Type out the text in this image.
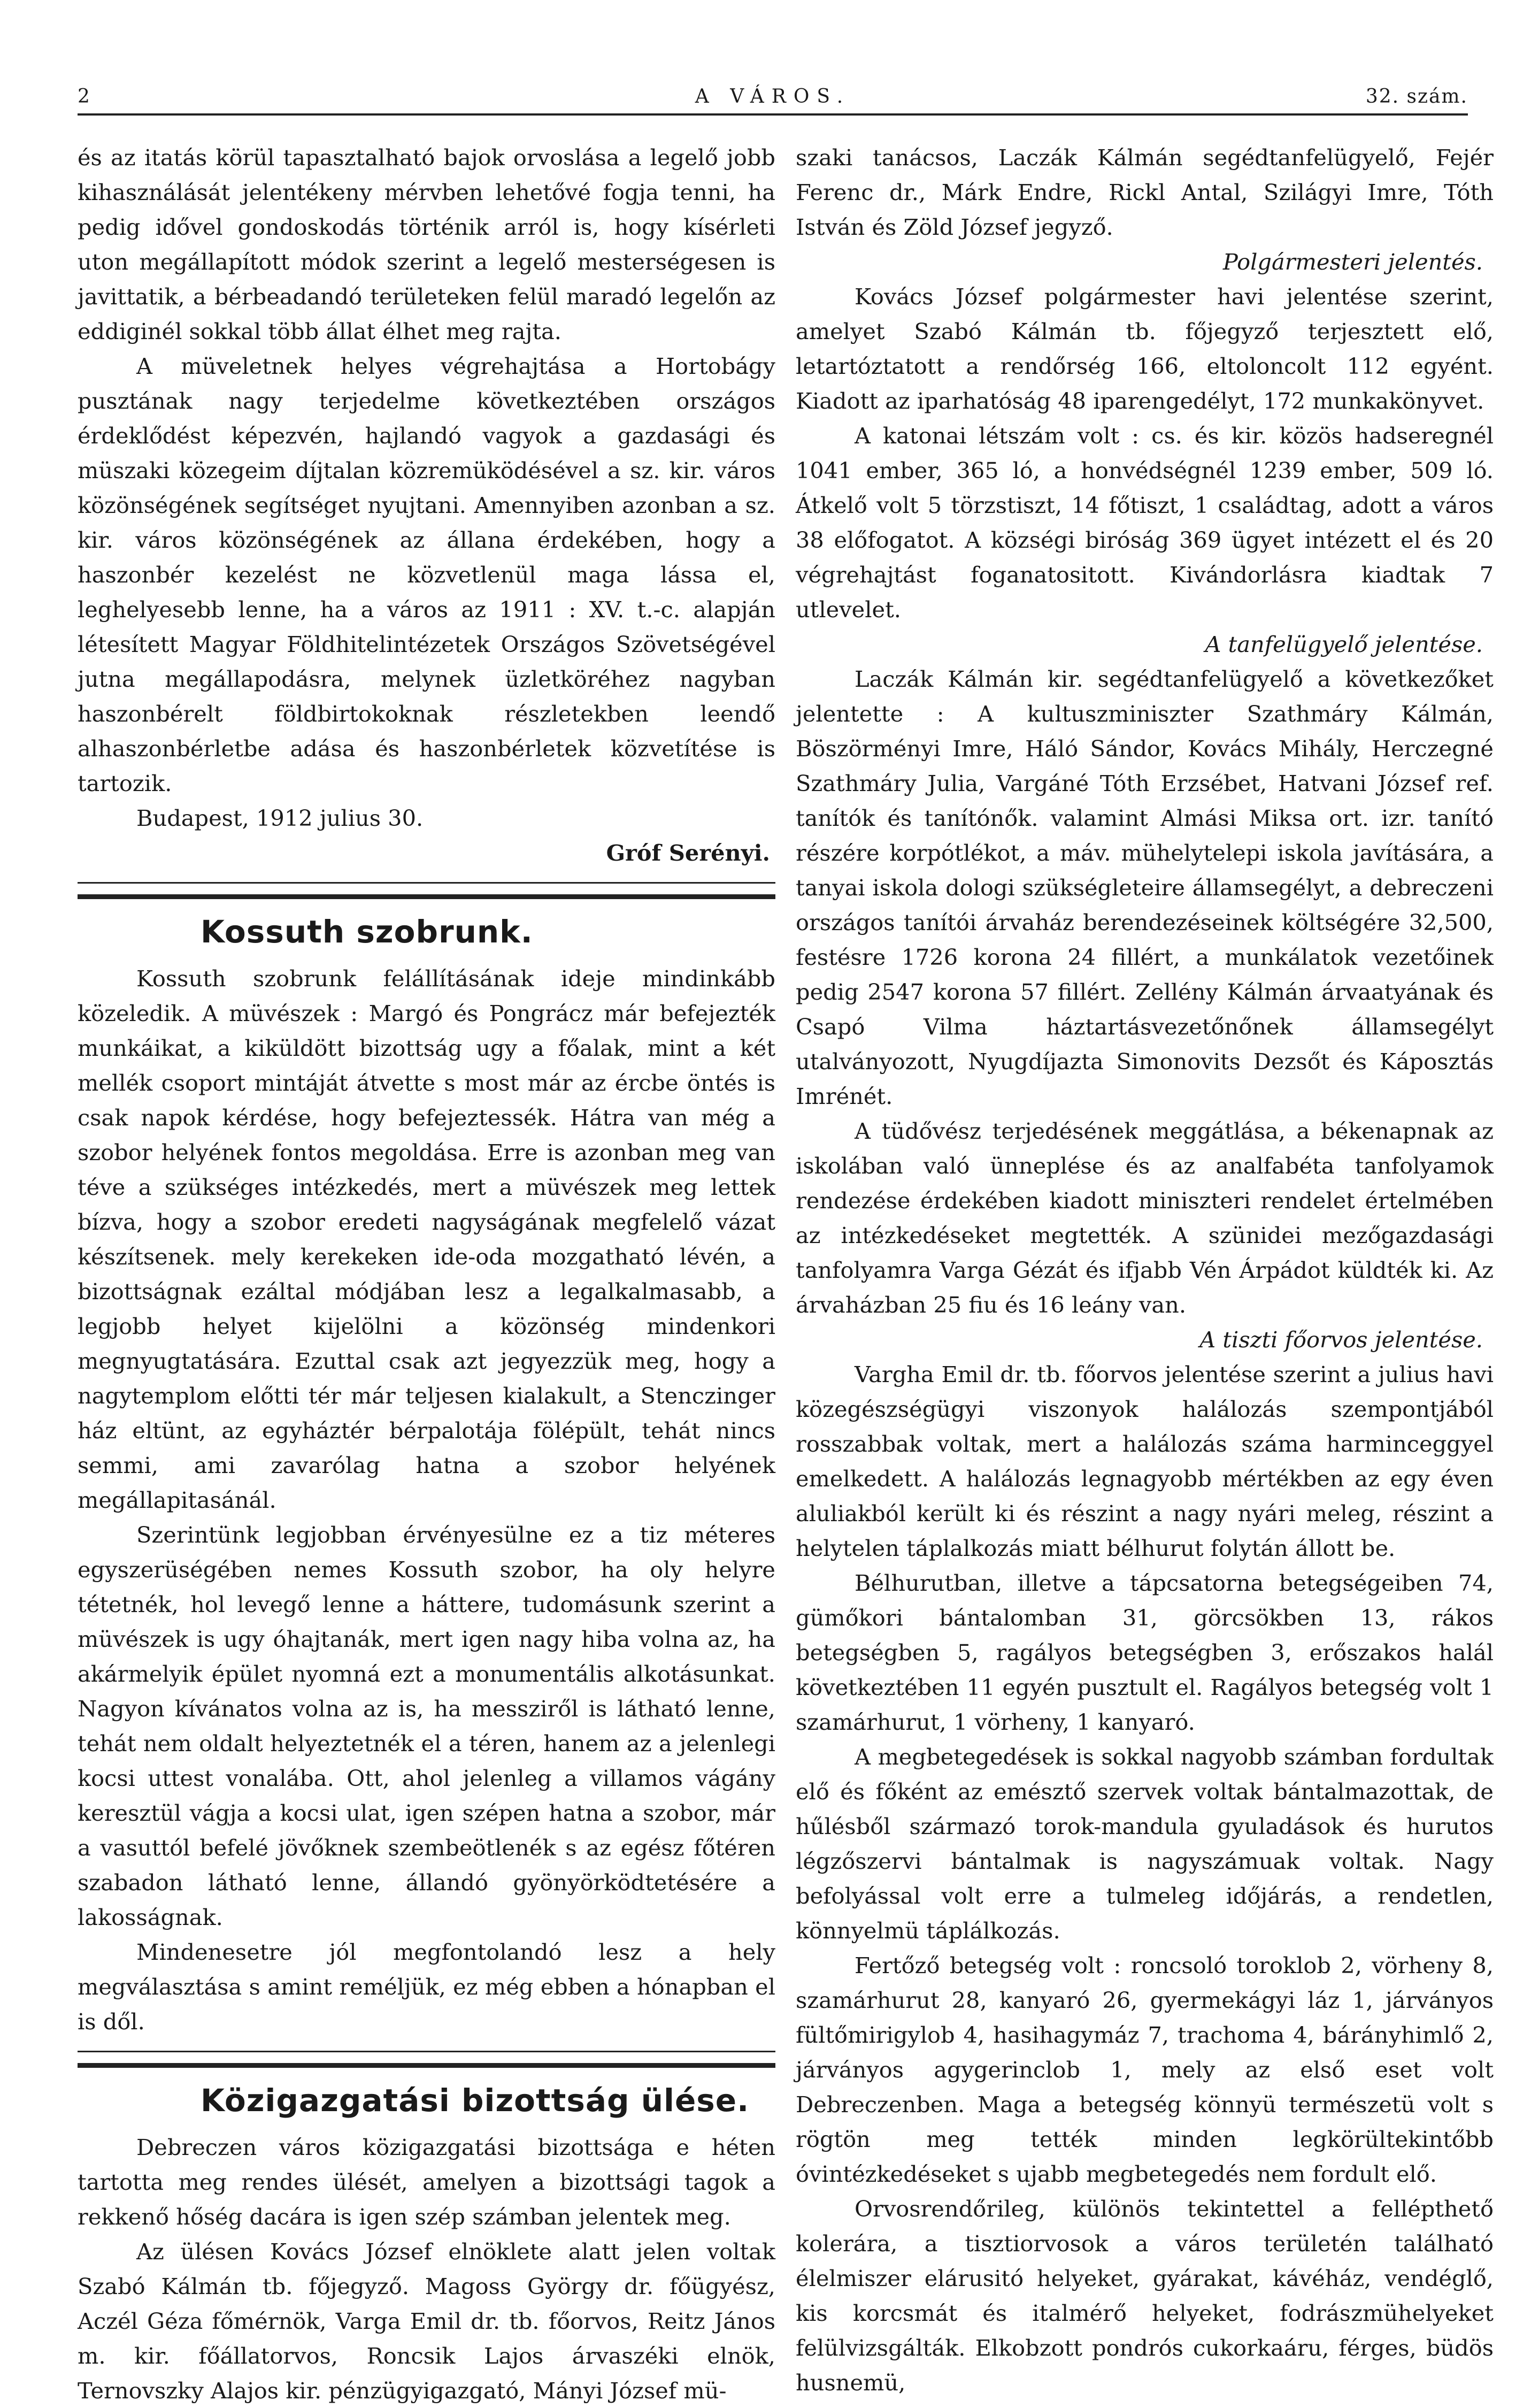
2	A VÁROS.	32. szám.

és az itatás körül tapasztalható bajok orvoslása a legelő jobb kihasználását jelentékeny mérvben lehetővé fogja tenni, ha pedig idővel gondoskodás történik arról is, hogy kísérleti uton megállapított módok szerint a legelő mesterségesen is javittatik, a bérbeadandó területeken felül maradó legelőn az eddiginél sokkal több állat élhet meg rajta.

A müveletnek helyes végrehajtása a Hortobágy pusztának nagy terjedelme következtében országos érdeklődést képezvén, hajlandó vagyok a gazdasági és müszaki közegeim díjtalan közremüködésével a sz. kir. város közönségének segítséget nyujtani. Amennyiben azonban a sz. kir. város közönségének az állana érdekében, hogy a haszonbér kezelést ne közvetlenül maga lássa el, leghelyesebb lenne, ha a város az 1911 : XV. t.-c. alapján létesített Magyar Földhitelintézetek Országos Szövetségével jutna megállapodásra, melynek üzletköréhez nagyban haszonbérelt földbirtokoknak részletekben leendő alhaszonbérletbe adása és haszonbérletek közvetítése is tartozik.

Budapest, 1912 julius 30.

Gróf Serényi.

Kossuth szobrunk.

Kossuth szobrunk felállításának ideje mindinkább közeledik. A müvészek : Margó és Pongrácz már befejezték munkáikat, a kiküldött bizottság ugy a főalak, mint a két mellék csoport mintáját átvette s most már az ércbe öntés is csak napok kérdése, hogy befejeztessék. Hátra van még a szobor helyének fontos megoldása. Erre is azonban meg van téve a szükséges intézkedés, mert a müvészek meg lettek bízva, hogy a szobor eredeti nagyságának megfelelő vázat készítsenek. mely kerekeken ide-oda mozgatható lévén, a bizottságnak ezáltal módjában lesz a legalkalmasabb, a legjobb helyet kijelölni a közönség mindenkori megnyugtatására. Ezuttal csak azt jegyezzük meg, hogy a nagytemplom előtti tér már teljesen kialakult, a Stenczinger ház eltünt, az egyháztér bérpalotája fölépült, tehát nincs semmi, ami zavarólag hatna a szobor helyének megállapitasánál.

Szerintünk legjobban érvényesülne ez a tiz méteres egyszerüségében nemes Kossuth szobor, ha oly helyre tétetnék, hol levegő lenne a háttere, tudomásunk szerint a müvészek is ugy óhajtanák, mert igen nagy hiba volna az, ha akármelyik épület nyomná ezt a monumentális alkotásunkat. Nagyon kívánatos volna az is, ha messziről is látható lenne, tehát nem oldalt helyeztetnék el a téren, hanem az a jelenlegi kocsi uttest vonalába. Ott, ahol jelenleg a villamos vágány keresztül vágja a kocsi ulat, igen szépen hatna a szobor, már a vasuttól befelé jövőknek szembeötlenék s az egész főtéren szabadon látható lenne, állandó gyönyörködtetésére a lakosságnak.

Mindenesetre jól megfontolandó lesz a hely megválasztása s amint reméljük, ez még ebben a hónapban el is dől.

Közigazgatási bizottság ülése.

Debreczen város közigazgatási bizottsága e héten tartotta meg rendes ülését, amelyen a bizottsági tagok a rekkenő hőség dacára is igen szép számban jelentek meg.

Az ülésen Kovács József elnöklete alatt jelen voltak Szabó Kálmán tb. főjegyző. Magoss György dr. főügyész, Aczél Géza főmérnök, Varga Emil dr. tb. főorvos, Reitz János m. kir. főállatorvos, Roncsik Lajos árvaszéki elnök, Ternovszky Alajos kir. pénzügyigazgató, Mányi József mü-

szaki tanácsos, Laczák Kálmán segédtanfelügyelő, Fejér Ferenc dr., Márk Endre, Rickl Antal, Szilágyi Imre, Tóth István és Zöld József jegyző.

Polgármesteri jelentés.

Kovács József polgármester havi jelentése szerint, amelyet Szabó Kálmán tb. főjegyző terjesztett elő, letartóztatott a rendőrség 166, eltoloncolt 112 egyént. Kiadott az iparhatóság 48 iparengedélyt, 172 munkakönyvet.

A katonai létszám volt : cs. és kir. közös hadseregnél 1041 ember, 365 ló, a honvédségnél 1239 ember, 509 ló. Átkelő volt 5 törzstiszt, 14 főtiszt, 1 családtag, adott a város 38 előfogatot. A községi biróság 369 ügyet intézett el és 20 végrehajtást foganatositott. Kivándorlásra kiadtak 7 utlevelet.

A tanfelügyelő jelentése.

Laczák Kálmán kir. segédtanfelügyelő a következőket jelentette : A kultuszminiszter Szathmáry Kálmán, Böszörményi Imre, Háló Sándor, Kovács Mihály, Herczegné Szathmáry Julia, Vargáné Tóth Erzsébet, Hatvani József ref. tanítók és tanítónők. valamint Almási Miksa ort. izr. tanító részére korpótlékot, a máv. mühelytelepi iskola javítására, a tanyai iskola dologi szükségleteire államsegélyt, a debreczeni országos tanítói árvaház berendezéseinek költségére 32,500, festésre 1726 korona 24 fillért, a munkálatok vezetőinek pedig 2547 korona 57 fillért. Zellény Kálmán árvaatyának és Csapó Vilma háztartásvezetőnőnek államsegélyt utalványozott, Nyugdíjazta Simonovits Dezsőt és Káposztás Imrénét.

A tüdővész terjedésének meggátlása, a békenapnak az iskolában való ünneplése és az analfabéta tanfolyamok rendezése érdekében kiadott miniszteri rendelet értelmében az intézkedéseket megtették. A szünidei mezőgazdasági tanfolyamra Varga Gézát és ifjabb Vén Árpádot küldték ki. Az árvaházban 25 fiu és 16 leány van.

A tiszti főorvos jelentése.

Vargha Emil dr. tb. főorvos jelentése szerint a julius havi közegészségügyi viszonyok halálozás szempontjából rosszabbak voltak, mert a halálozás száma harminceggyel emelkedett. A halálozás legnagyobb mértékben az egy éven aluliakból került ki és részint a nagy nyári meleg, részint a helytelen táplalkozás miatt bélhurut folytán állott be.

Bélhurutban, illetve a tápcsatorna betegségeiben 74, gümőkori bántalomban 31, görcsökben 13, rákos betegségben 5, ragályos betegségben 3, erőszakos halál következtében 11 egyén pusztult el. Ragályos betegség volt 1 szamárhurut, 1 vörheny, 1 kanyaró.

A megbetegedések is sokkal nagyobb számban fordultak elő és főként az emésztő szervek voltak bántalmazottak, de hűlésből származó torok-mandula gyuladások és hurutos légzőszervi bántalmak is nagyszámuak voltak. Nagy befolyással volt erre a tulmeleg időjárás, a rendetlen, könnyelmü táplálkozás.

Fertőző betegség volt : roncsoló toroklob 2, vörheny 8, szamárhurut 28, kanyaró 26, gyermekágyi láz 1, járványos fültőmirigylob 4, hasihagymáz 7, trachoma 4, bárányhimlő 2, járványos agygerinclob 1, mely az első eset volt Debreczenben. Maga a betegség könnyü természetü volt s rögtön meg tették minden legkörültekintőbb óvintézkedéseket s ujabb megbetegedés nem fordult elő.

Orvosrendőrileg, különös tekintettel a fellépthető kolerára, a tisztiorvosok a város területén található élelmiszer elárusitó helyeket, gyárakat, kávéház, vendéglő, kis korcsmát és italmérő helyeket, fodrászmühelyeket felülvizsgálták. Elkobzott pondrós cukorkaáru, férges, büdös husnemü,
